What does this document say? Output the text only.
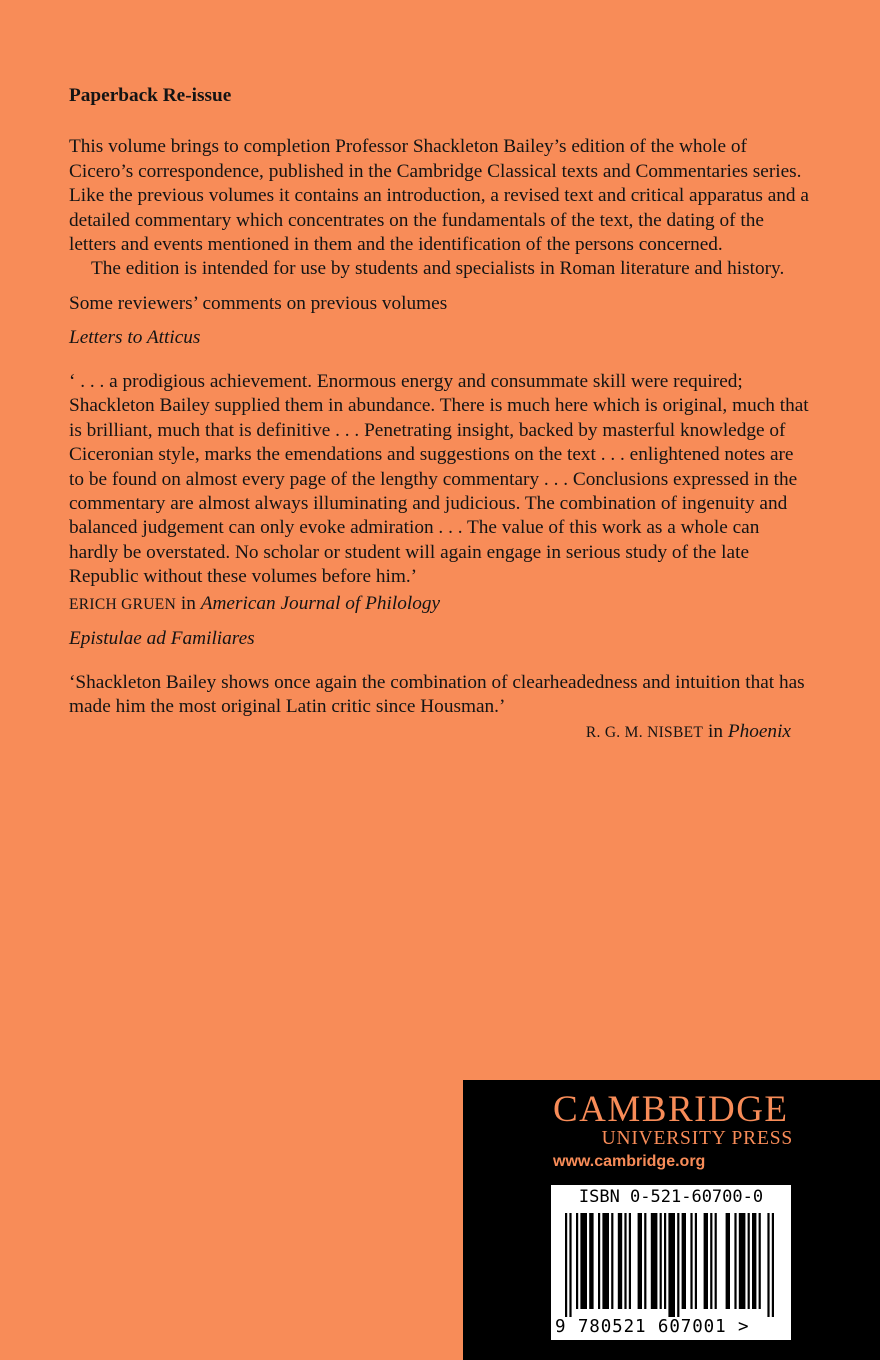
Paperback Re-issue

This volume brings to completion Professor Shackleton Bailey’s edition of the whole of Cicero’s correspondence, published in the Cambridge Classical texts and Commentaries series. Like the previous volumes it contains an introduction, a revised text and critical apparatus and a detailed commentary which concentrates on the fundamentals of the text, the dating of the letters and events mentioned in them and the identification of the persons concerned.

The edition is intended for use by students and specialists in Roman literature and history.

Some reviewers’ comments on previous volumes

Letters to Atticus

‘ . . . a prodigious achievement. Enormous energy and consummate skill were required; Shackleton Bailey supplied them in abundance. There is much here which is original, much that is brilliant, much that is definitive . . . Penetrating insight, backed by masterful knowledge of Ciceronian style, marks the emendations and suggestions on the text . . . enlightened notes are to be found on almost every page of the lengthy commentary . . . Conclusions expressed in the commentary are almost always illuminating and judicious. The combination of ingenuity and balanced judgement can only evoke admiration . . . The value of this work as a whole can hardly be overstated. No scholar or student will again engage in serious study of the late Republic without these volumes before him.’

ERICH GRUEN in American Journal of Philology

Epistulae ad Familiares

‘Shackleton Bailey shows once again the combination of clearheadedness and intuition that has made him the most original Latin critic since Housman.’

R. G. M. NISBET in Phoenix

CAMBRIDGE
UNIVERSITY PRESS
www.cambridge.org
ISBN 0-521-60700-0
9 780521 607001 >
